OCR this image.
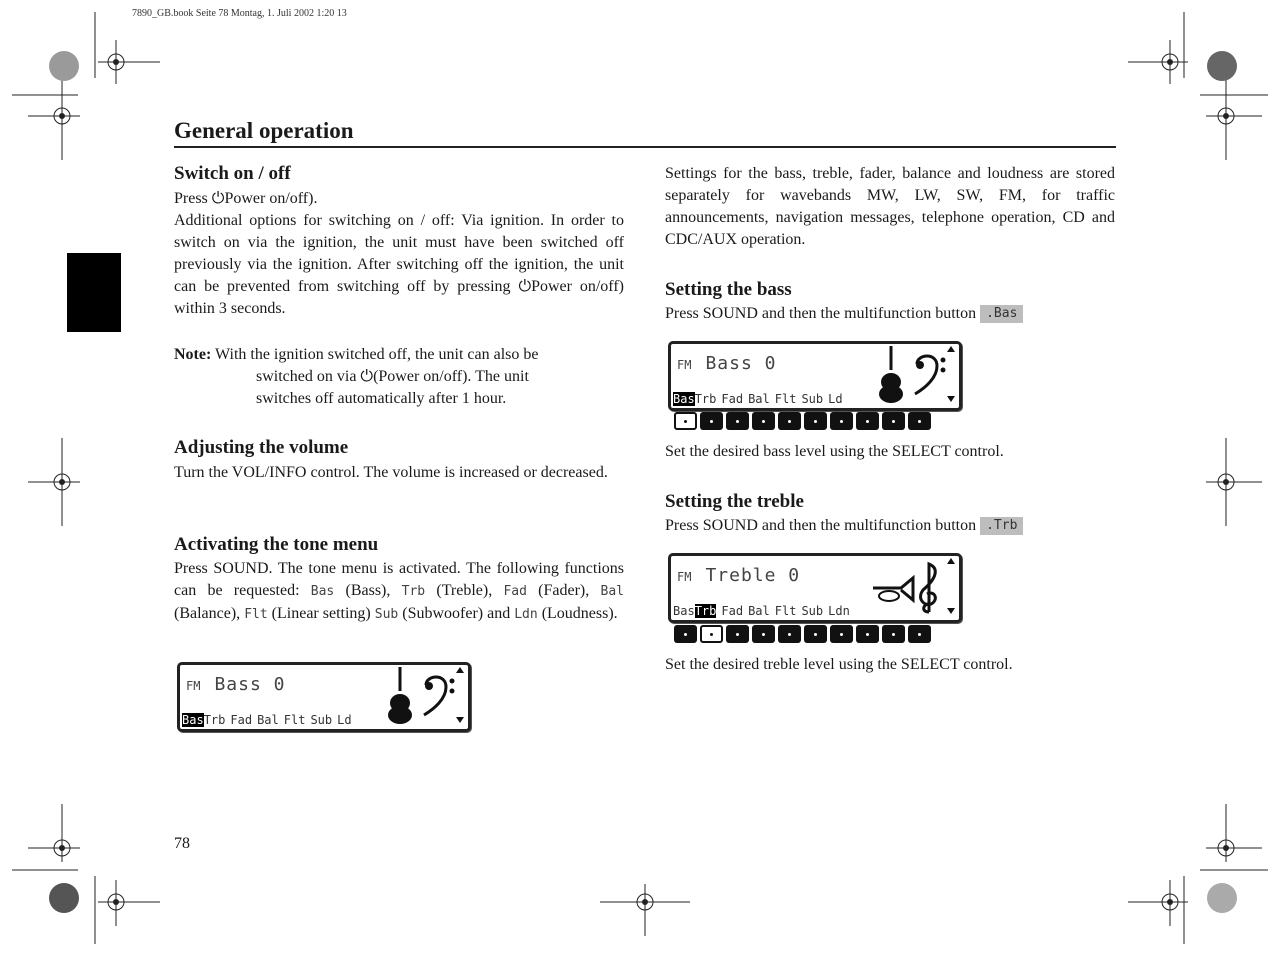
7890_GB.book Seite 78 Montag, 1. Juli 2002 1:20 13
General operation
Switch on / off
Press ⏻Power on/off).
Additional options for switching on / off: Via ignition. In order to switch on via the ignition, the unit must have been switched off previously via the ignition. After switching off the ignition, the unit can be prevented from switching off by pressing ⏻Power on/off) within 3 seconds.
Note: With the ignition switched off, the unit can also be
switched on via ⏻(Power on/off). The unit
switches off automatically after 1 hour.
Adjusting the volume
Turn the VOL/INFO control. The volume is increased or decreased.
Activating the tone menu
Press SOUND. The tone menu is activated. The following functions can be requested: Bas (Bass), Trb (Treble), Fad (Fader), Bal (Balance), Flt (Linear setting) Sub (Subwoofer) and Ldn (Loudness).
FM Bass 0
BasTrb Fad Bal Flt Sub Ld
78
Settings for the bass, treble, fader, balance and loudness are stored separately for wavebands MW, LW, SW, FM, for traffic announcements, navigation messages, telephone operation, CD and CDC/AUX operation.
Setting the bass
Press SOUND and then the multifunction button .Bas
FM Bass 0
BasTrb Fad Bal Flt Sub Ld
Set the desired bass level using the SELECT control.
Setting the treble
Press SOUND and then the multifunction button .Trb
FM Treble 0
BasTrb Fad Bal Flt Sub Ldn
Set the desired treble level using the SELECT control.
